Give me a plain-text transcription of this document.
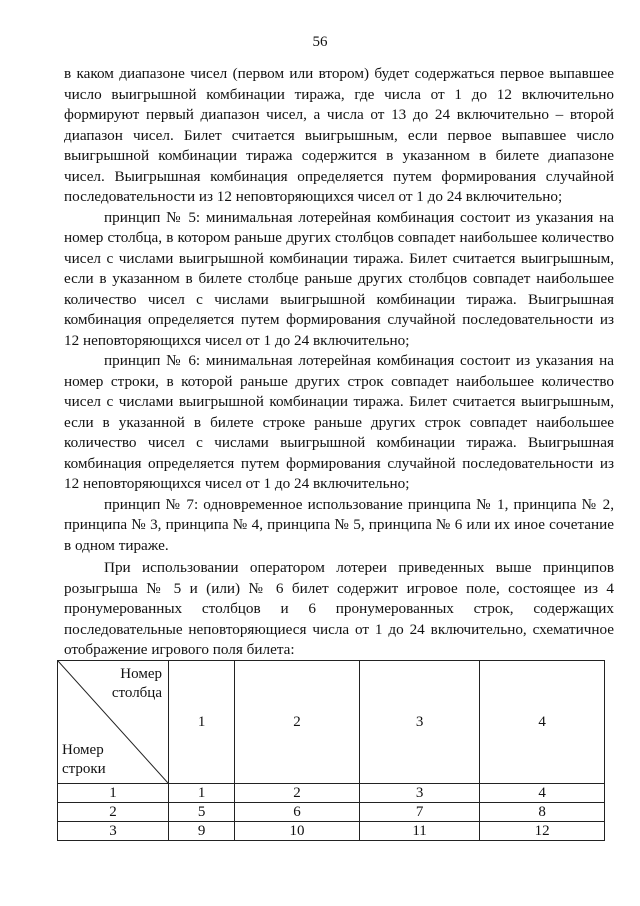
56

в каком диапазоне чисел (первом или втором) будет содержаться первое выпавшее число выигрышной комбинации тиража, где числа от 1 до 12 включительно формируют первый диапазон чисел, а числа от 13 до 24 включительно – второй диапазон чисел. Билет считается выигрышным, если первое выпавшее число выигрышной комбинации тиража содержится в указанном в билете диапазоне чисел. Выигрышная комбинация определяется путем формирования случайной последовательности из 12 неповторяющихся чисел от 1 до 24 включительно;

принцип № 5: минимальная лотерейная комбинация состоит из указания на номер столбца, в котором раньше других столбцов совпадет наибольшее количество чисел с числами выигрышной комбинации тиража. Билет считается выигрышным, если в указанном в билете столбце раньше других столбцов совпадет наибольшее количество чисел с числами выигрышной комбинации тиража. Выигрышная комбинация определяется путем формирования случайной последовательности из 12 неповторяющихся чисел от 1 до 24 включительно;

принцип № 6: минимальная лотерейная комбинация состоит из указания на номер строки, в которой раньше других строк совпадет наибольшее количество чисел с числами выигрышной комбинации тиража. Билет считается выигрышным, если в указанной в билете строке раньше других строк совпадет наибольшее количество чисел с числами выигрышной комбинации тиража. Выигрышная комбинация определяется путем формирования случайной последовательности из 12 неповторяющихся чисел от 1 до 24 включительно;

принцип № 7: одновременное использование принципа № 1, принципа № 2, принципа № 3, принципа № 4, принципа № 5, принципа № 6 или их иное сочетание в одном тираже.

При использовании оператором лотереи приведенных выше принципов розыгрыша № 5 и (или) № 6 билет содержит игровое поле, состоящее из 4 пронумерованных столбцов и 6 пронумерованных строк, содержащих последовательные неповторяющиеся числа от 1 до 24 включительно, схематичное отображение игрового поля билета:

Номер
столбца
Номер
строки	1	2	3	4
1	1	2	3	4
2	5	6	7	8
3	9	10	11	12
